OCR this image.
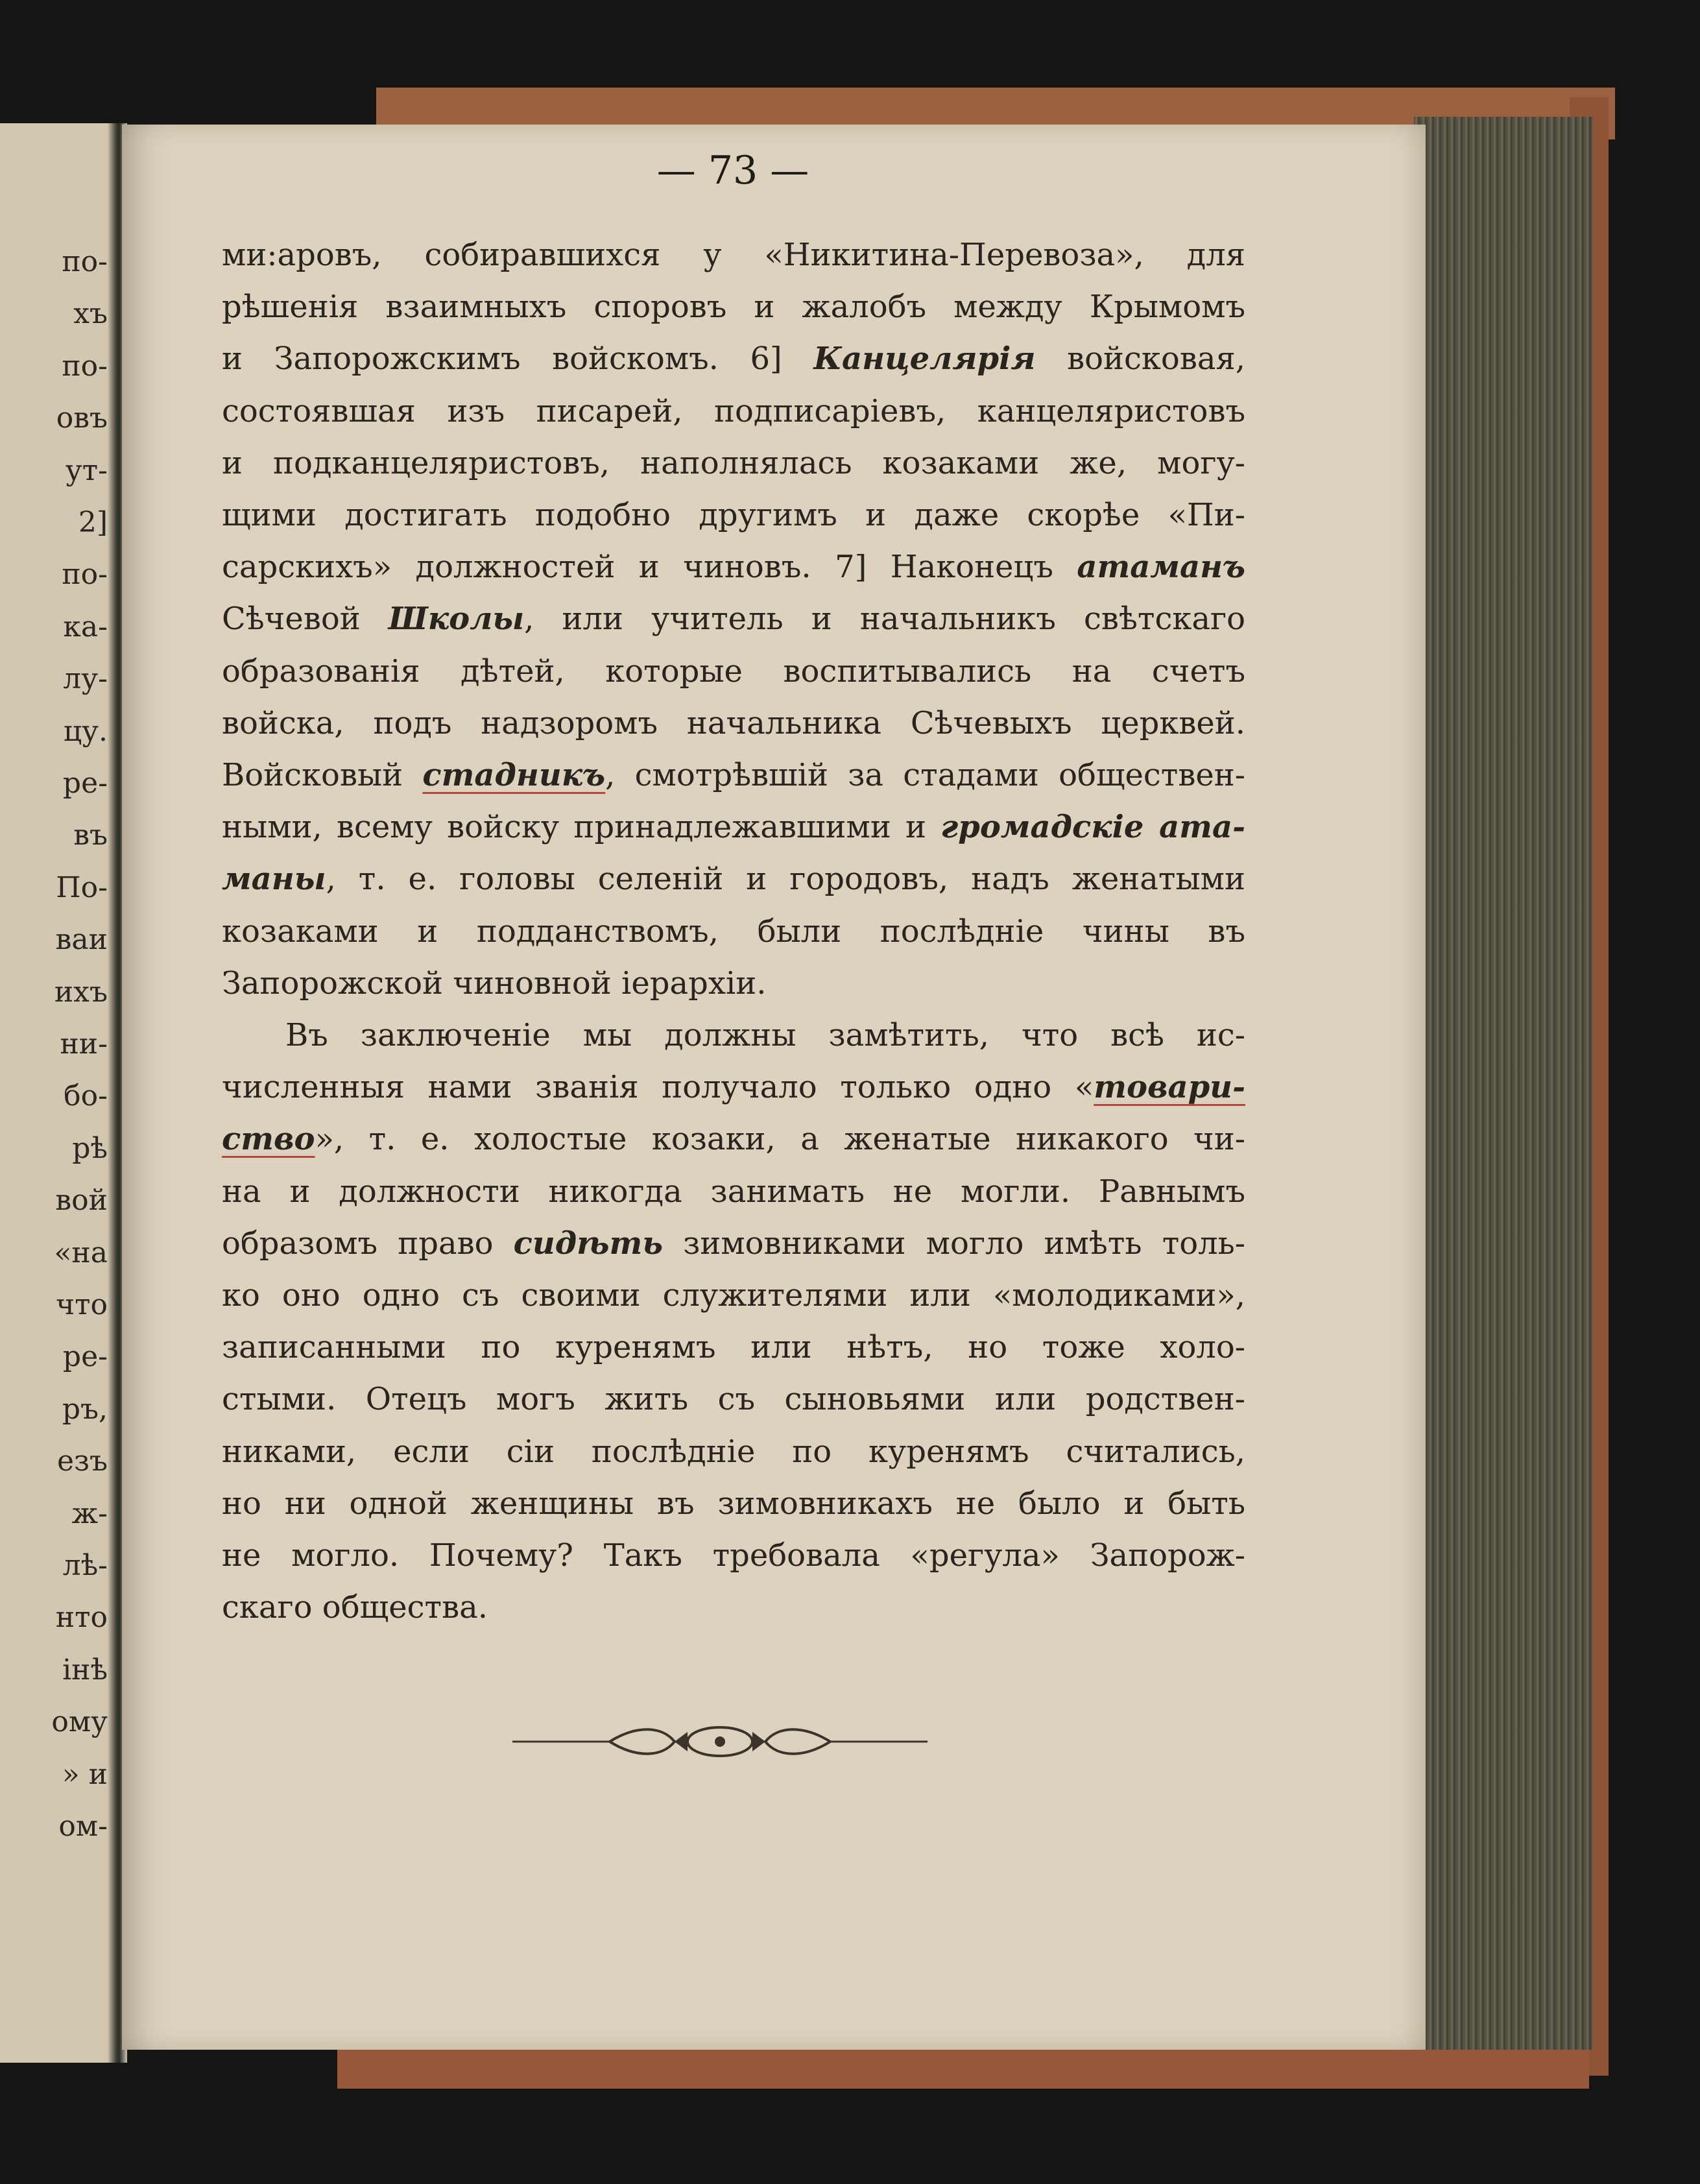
— 73 —
ми:аровъ, собиравшихся у «Никитина-Перевоза», для
рѣшенія взаимныхъ споровъ и жалобъ между Крымомъ
и Запорожскимъ войскомъ. 6] Канцелярія войсковая,
состоявшая изъ писарей, подписаріевъ, канцеляристовъ
и подканцеляристовъ, наполнялась козаками же, могу-
щими достигать подобно другимъ и даже скорѣе «Пи-
сарскихъ» должностей и чиновъ. 7] Наконецъ атаманъ
Сѣчевой Школы, или учитель и начальникъ свѣтскаго
образованія дѣтей, которые воспитывались на счетъ
войска, подъ надзоромъ начальника Сѣчевыхъ церквей.
Войсковый стадникъ, смотрѣвшій за стадами обществен-
ными, всему войску принадлежавшими и громадскіе ата-
маны, т. е. головы селеній и городовъ, надъ женатыми
козаками и подданствомъ, были послѣдніе чины въ
Запорожской чиновной іерархіи.
Въ заключеніе мы должны замѣтить, что всѣ ис-
численныя нами званія получало только одно «товари-
ство», т. е. холостые козаки, а женатые никакого чи-
на и должности никогда занимать не могли. Равнымъ
образомъ право сидѣть зимовниками могло имѣть толь-
ко оно одно съ своими служителями или «молодиками»,
записанными по куренямъ или нѣтъ, но тоже холо-
стыми. Отецъ могъ жить съ сыновьями или родствен-
никами, если сіи послѣдніе по куренямъ считались,
но ни одной женщины въ зимовникахъ не было и быть
не могло. Почему? Такъ требовала «регула» Запорож-
скаго общества.
по-
хъ
по-
овъ
ут-
2]
по-
ка-
лу-
цу.
ре-
въ
По-
ваи
ихъ
ни-
бо-
рѣ
вой
«на
что
ре-
ръ,
езъ
ж-
лѣ-
нто
інѣ
ому
» и
ом-
